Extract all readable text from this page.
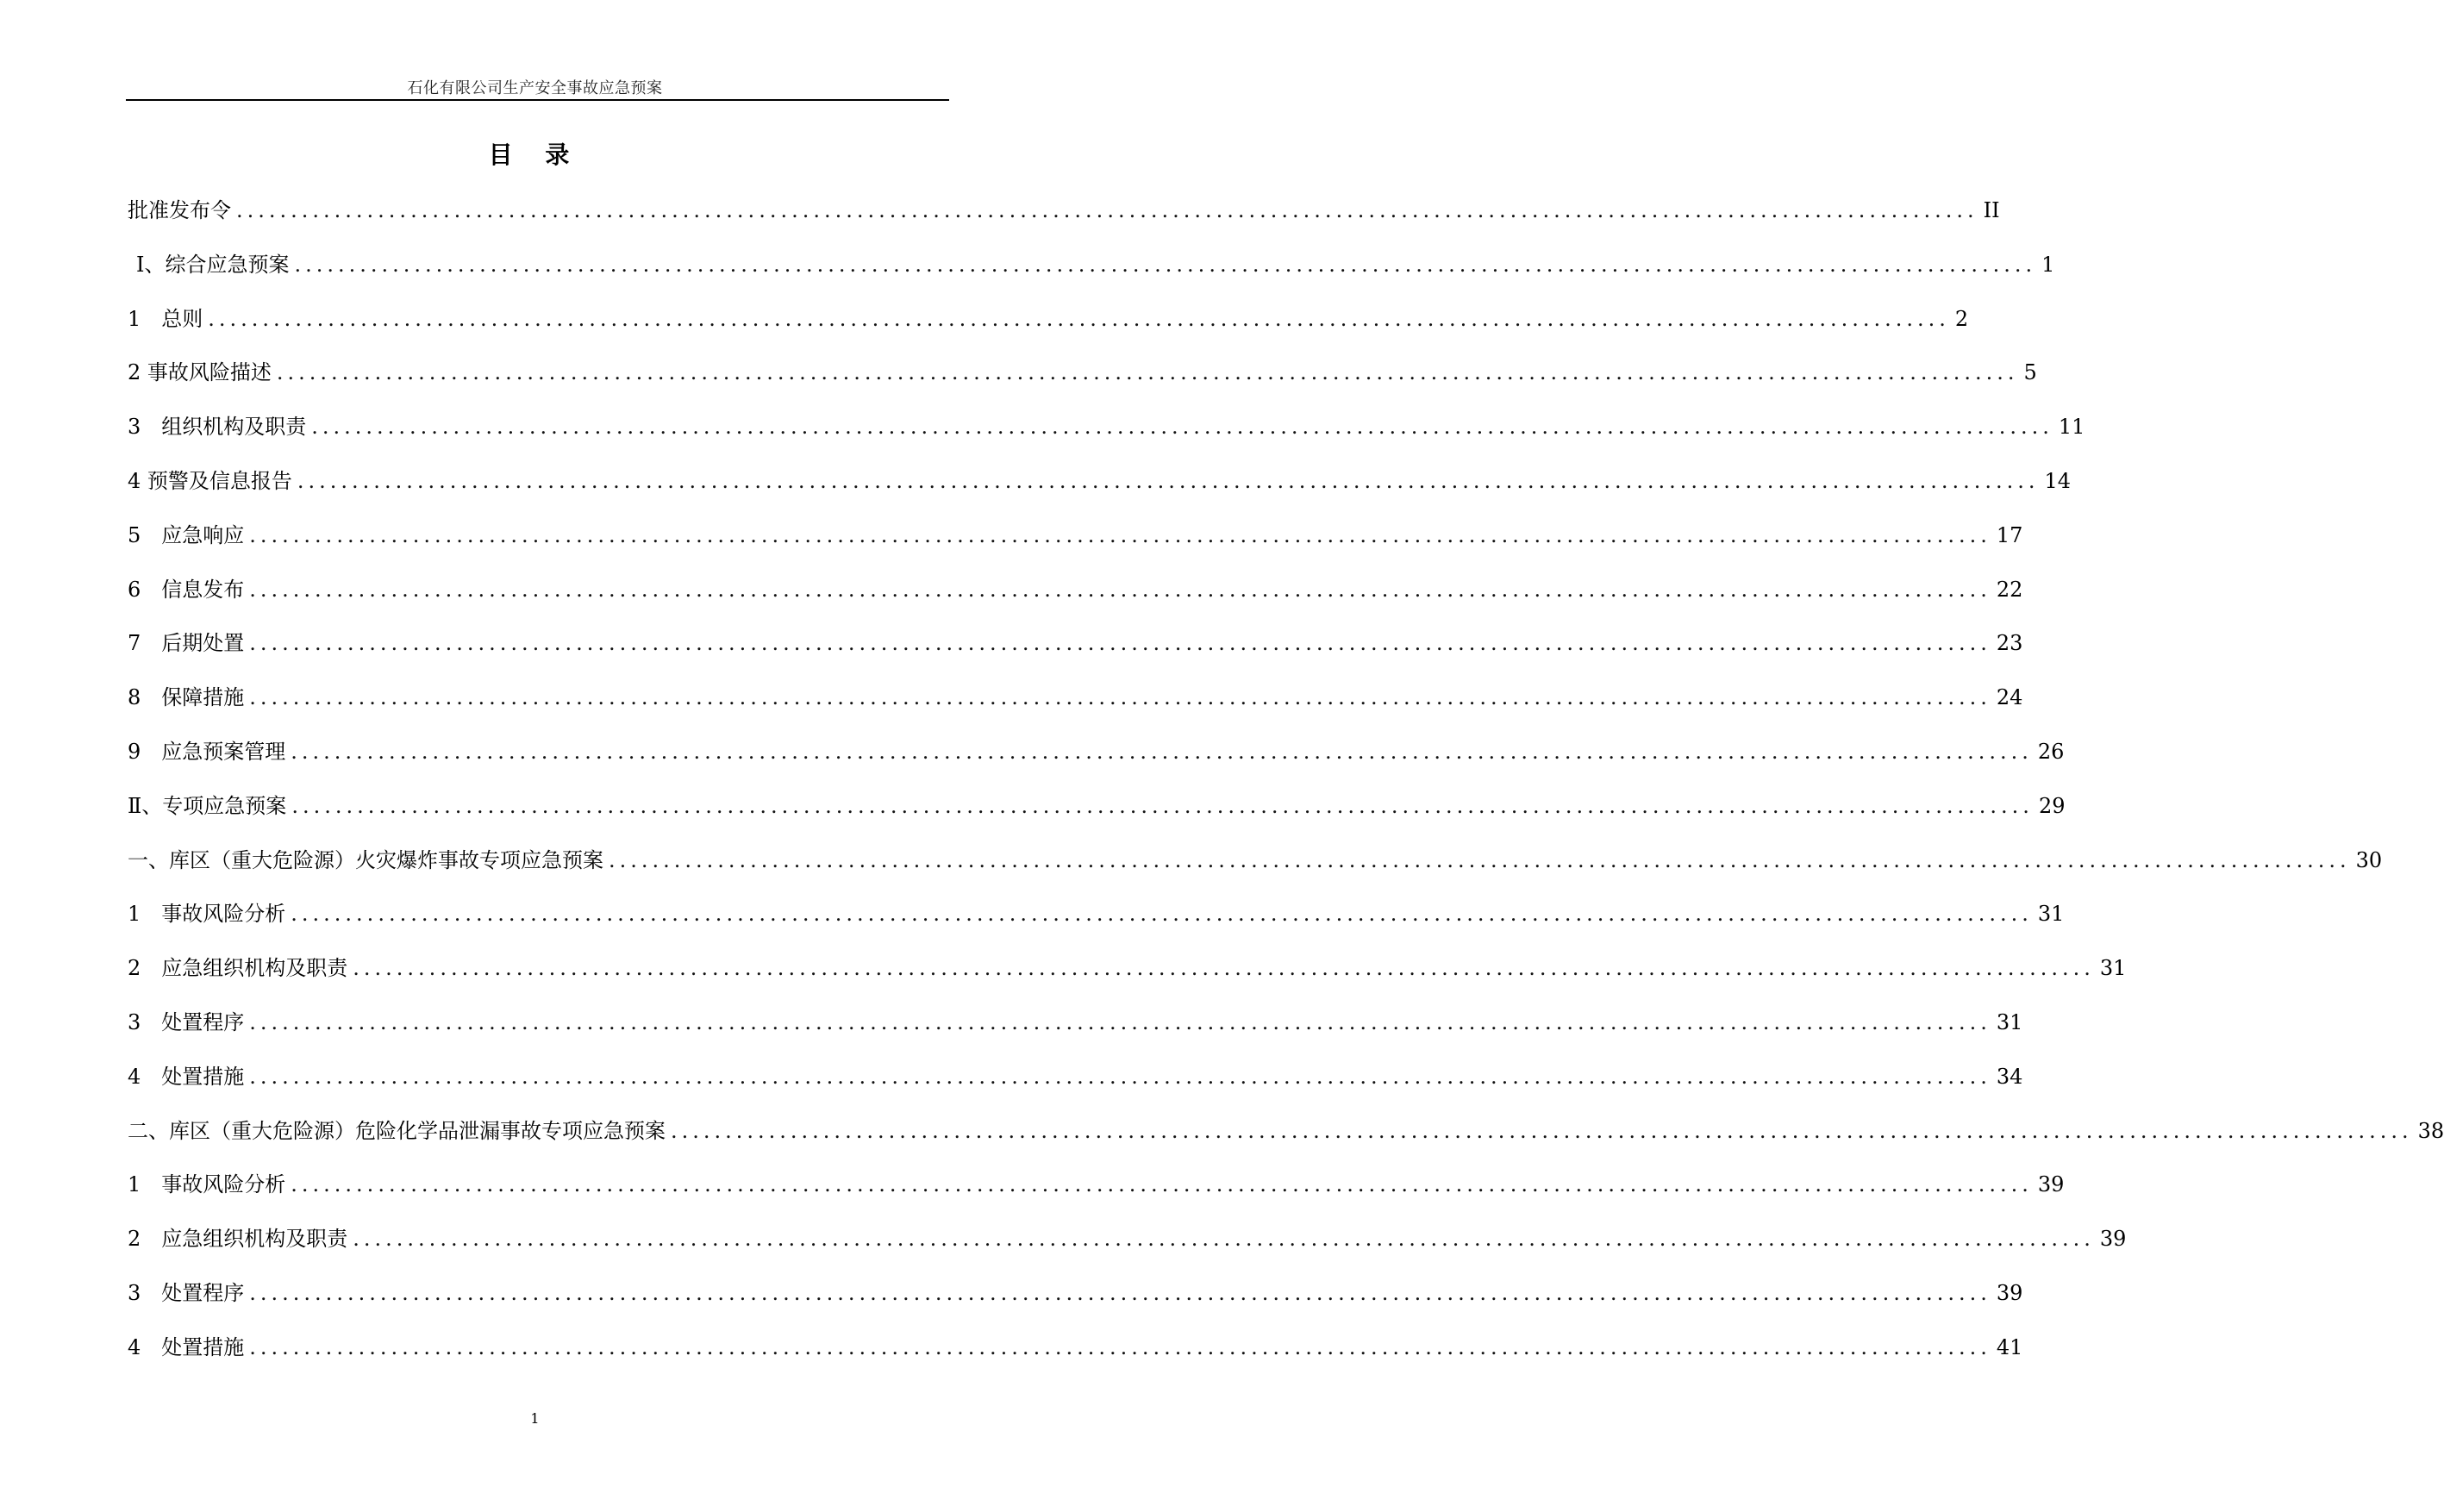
石化有限公司生产安全事故应急预案
目 录
批准发布令 ................................................................................................................................................................ II
Ⅰ、综合应急预案 ................................................................................................................................................................ 1
1　总则 ................................................................................................................................................................ 2
2 事故风险描述 ................................................................................................................................................................ 5
3　组织机构及职责 ................................................................................................................................................................ 11
4 预警及信息报告 ................................................................................................................................................................ 14
5　应急响应 ................................................................................................................................................................ 17
6　信息发布 ................................................................................................................................................................ 22
7　后期处置 ................................................................................................................................................................ 23
8　保障措施 ................................................................................................................................................................ 24
9　应急预案管理 ................................................................................................................................................................ 26
Ⅱ、专项应急预案 ................................................................................................................................................................ 29
一、库区（重大危险源）火灾爆炸事故专项应急预案 ................................................................................................................................................................ 30
1　事故风险分析 ................................................................................................................................................................ 31
2　应急组织机构及职责 ................................................................................................................................................................ 31
3　处置程序 ................................................................................................................................................................ 31
4　处置措施 ................................................................................................................................................................ 34
二、库区（重大危险源）危险化学品泄漏事故专项应急预案 ................................................................................................................................................................ 38
1　事故风险分析 ................................................................................................................................................................ 39
2　应急组织机构及职责 ................................................................................................................................................................ 39
3　处置程序 ................................................................................................................................................................ 39
4　处置措施 ................................................................................................................................................................ 41
1
